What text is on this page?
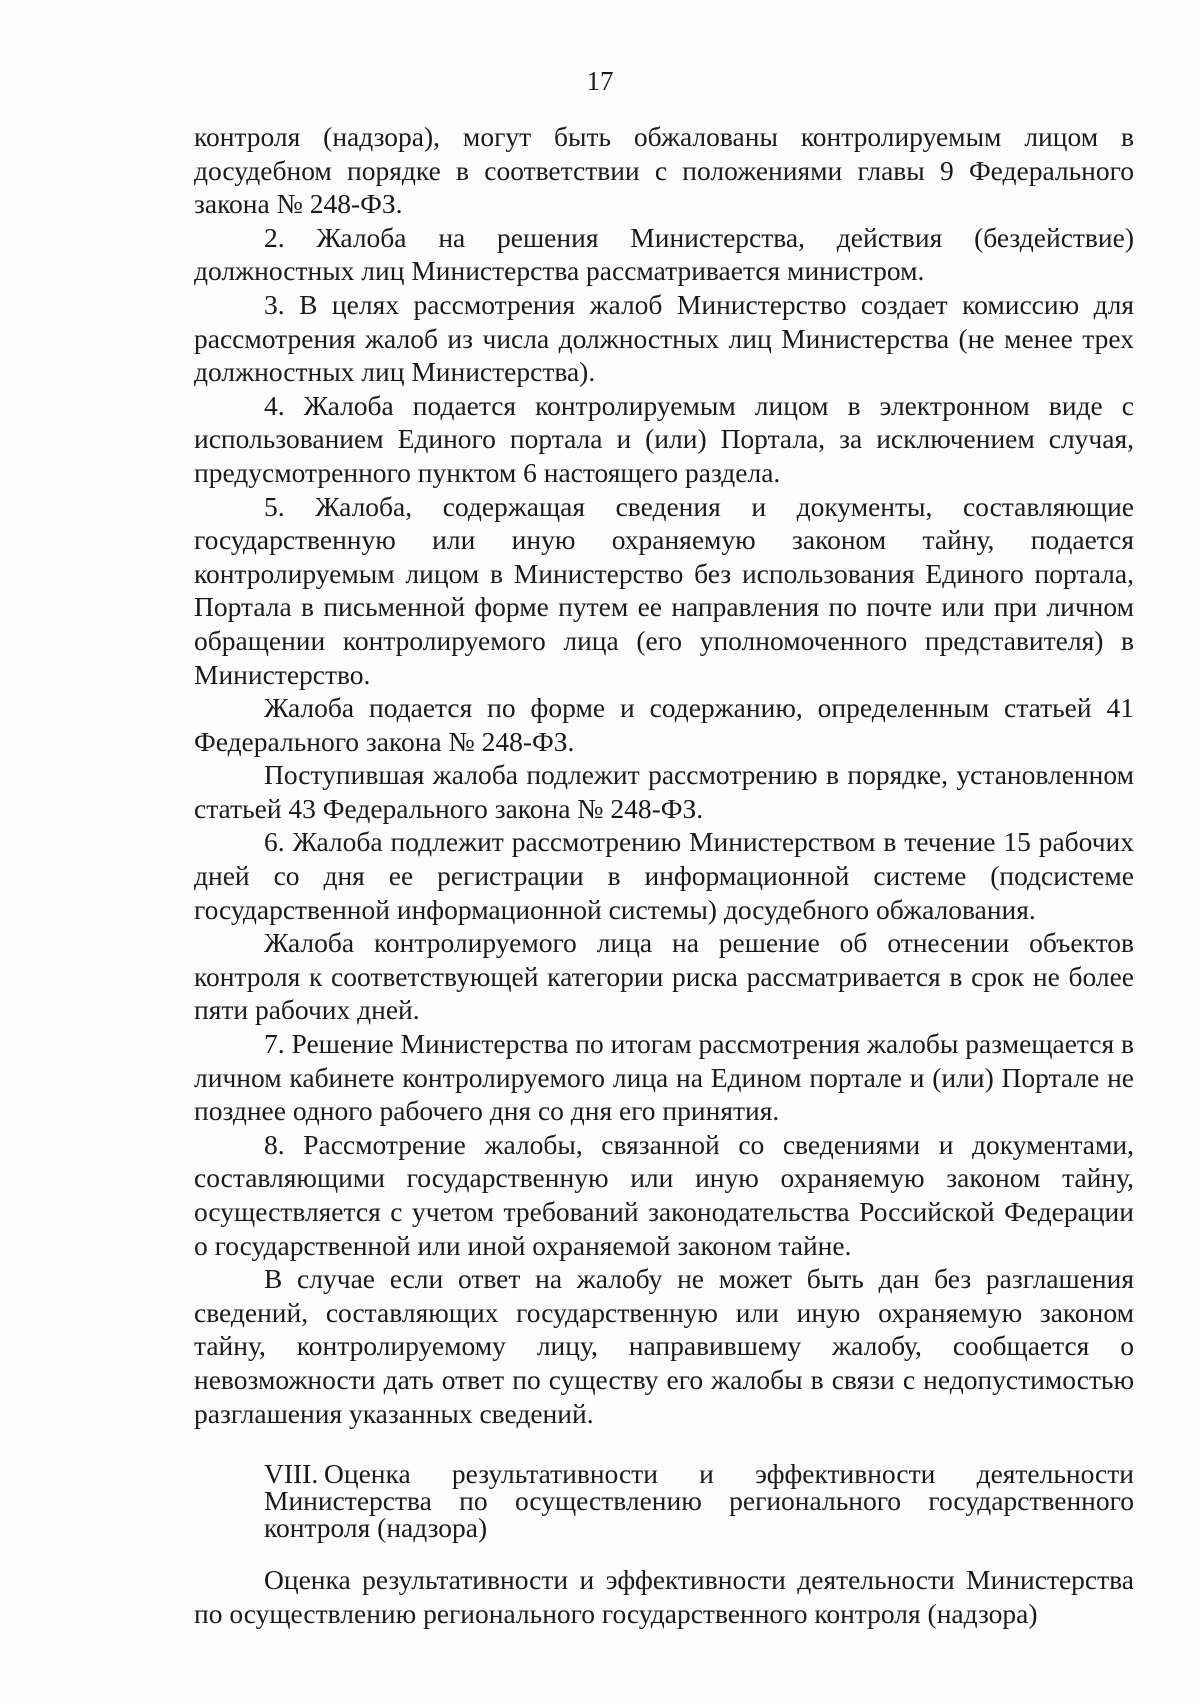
17

контроля (надзора), могут быть обжалованы контролируемым лицом в досудебном порядке в соответствии с положениями главы 9 Федерального закона № 248-ФЗ.

2. Жалоба на решения Министерства, действия (бездействие) должностных лиц Министерства рассматривается министром.

3. В целях рассмотрения жалоб Министерство создает комиссию для рассмотрения жалоб из числа должностных лиц Министерства (не менее трех должностных лиц Министерства).

4. Жалоба подается контролируемым лицом в электронном виде с использованием Единого портала и (или) Портала, за исключением случая, предусмотренного пунктом 6 настоящего раздела.

5. Жалоба, содержащая сведения и документы, составляющие государственную или иную охраняемую законом тайну, подается контролируемым лицом в Министерство без использования Единого портала, Портала в письменной форме путем ее направления по почте или при личном обращении контролируемого лица (его уполномоченного представителя) в Министерство.

Жалоба подается по форме и содержанию, определенным статьей 41 Федерального закона № 248-ФЗ.

Поступившая жалоба подлежит рассмотрению в порядке, установленном статьей 43 Федерального закона № 248-ФЗ.

6. Жалоба подлежит рассмотрению Министерством в течение 15 рабочих дней со дня ее регистрации в информационной системе (подсистеме государственной информационной системы) досудебного обжалования.

Жалоба контролируемого лица на решение об отнесении объектов контроля к соответствующей категории риска рассматривается в срок не более пяти рабочих дней.

7. Решение Министерства по итогам рассмотрения жалобы размещается в личном кабинете контролируемого лица на Едином портале и (или) Портале не позднее одного рабочего дня со дня его принятия.

8. Рассмотрение жалобы, связанной со сведениями и документами, составляющими государственную или иную охраняемую законом тайну, осуществляется с учетом требований законодательства Российской Федерации о государственной или иной охраняемой законом тайне.

В случае если ответ на жалобу не может быть дан без разглашения сведений, составляющих государственную или иную охраняемую законом тайну, контролируемому лицу, направившему жалобу, сообщается о невозможности дать ответ по существу его жалобы в связи с недопустимостью разглашения указанных сведений.

VIII. Оценка результативности и эффективности деятельности Министерства по осуществлению регионального государственного контроля (надзора)

Оценка результативности и эффективности деятельности Министерства по осуществлению регионального государственного контроля (надзора)
